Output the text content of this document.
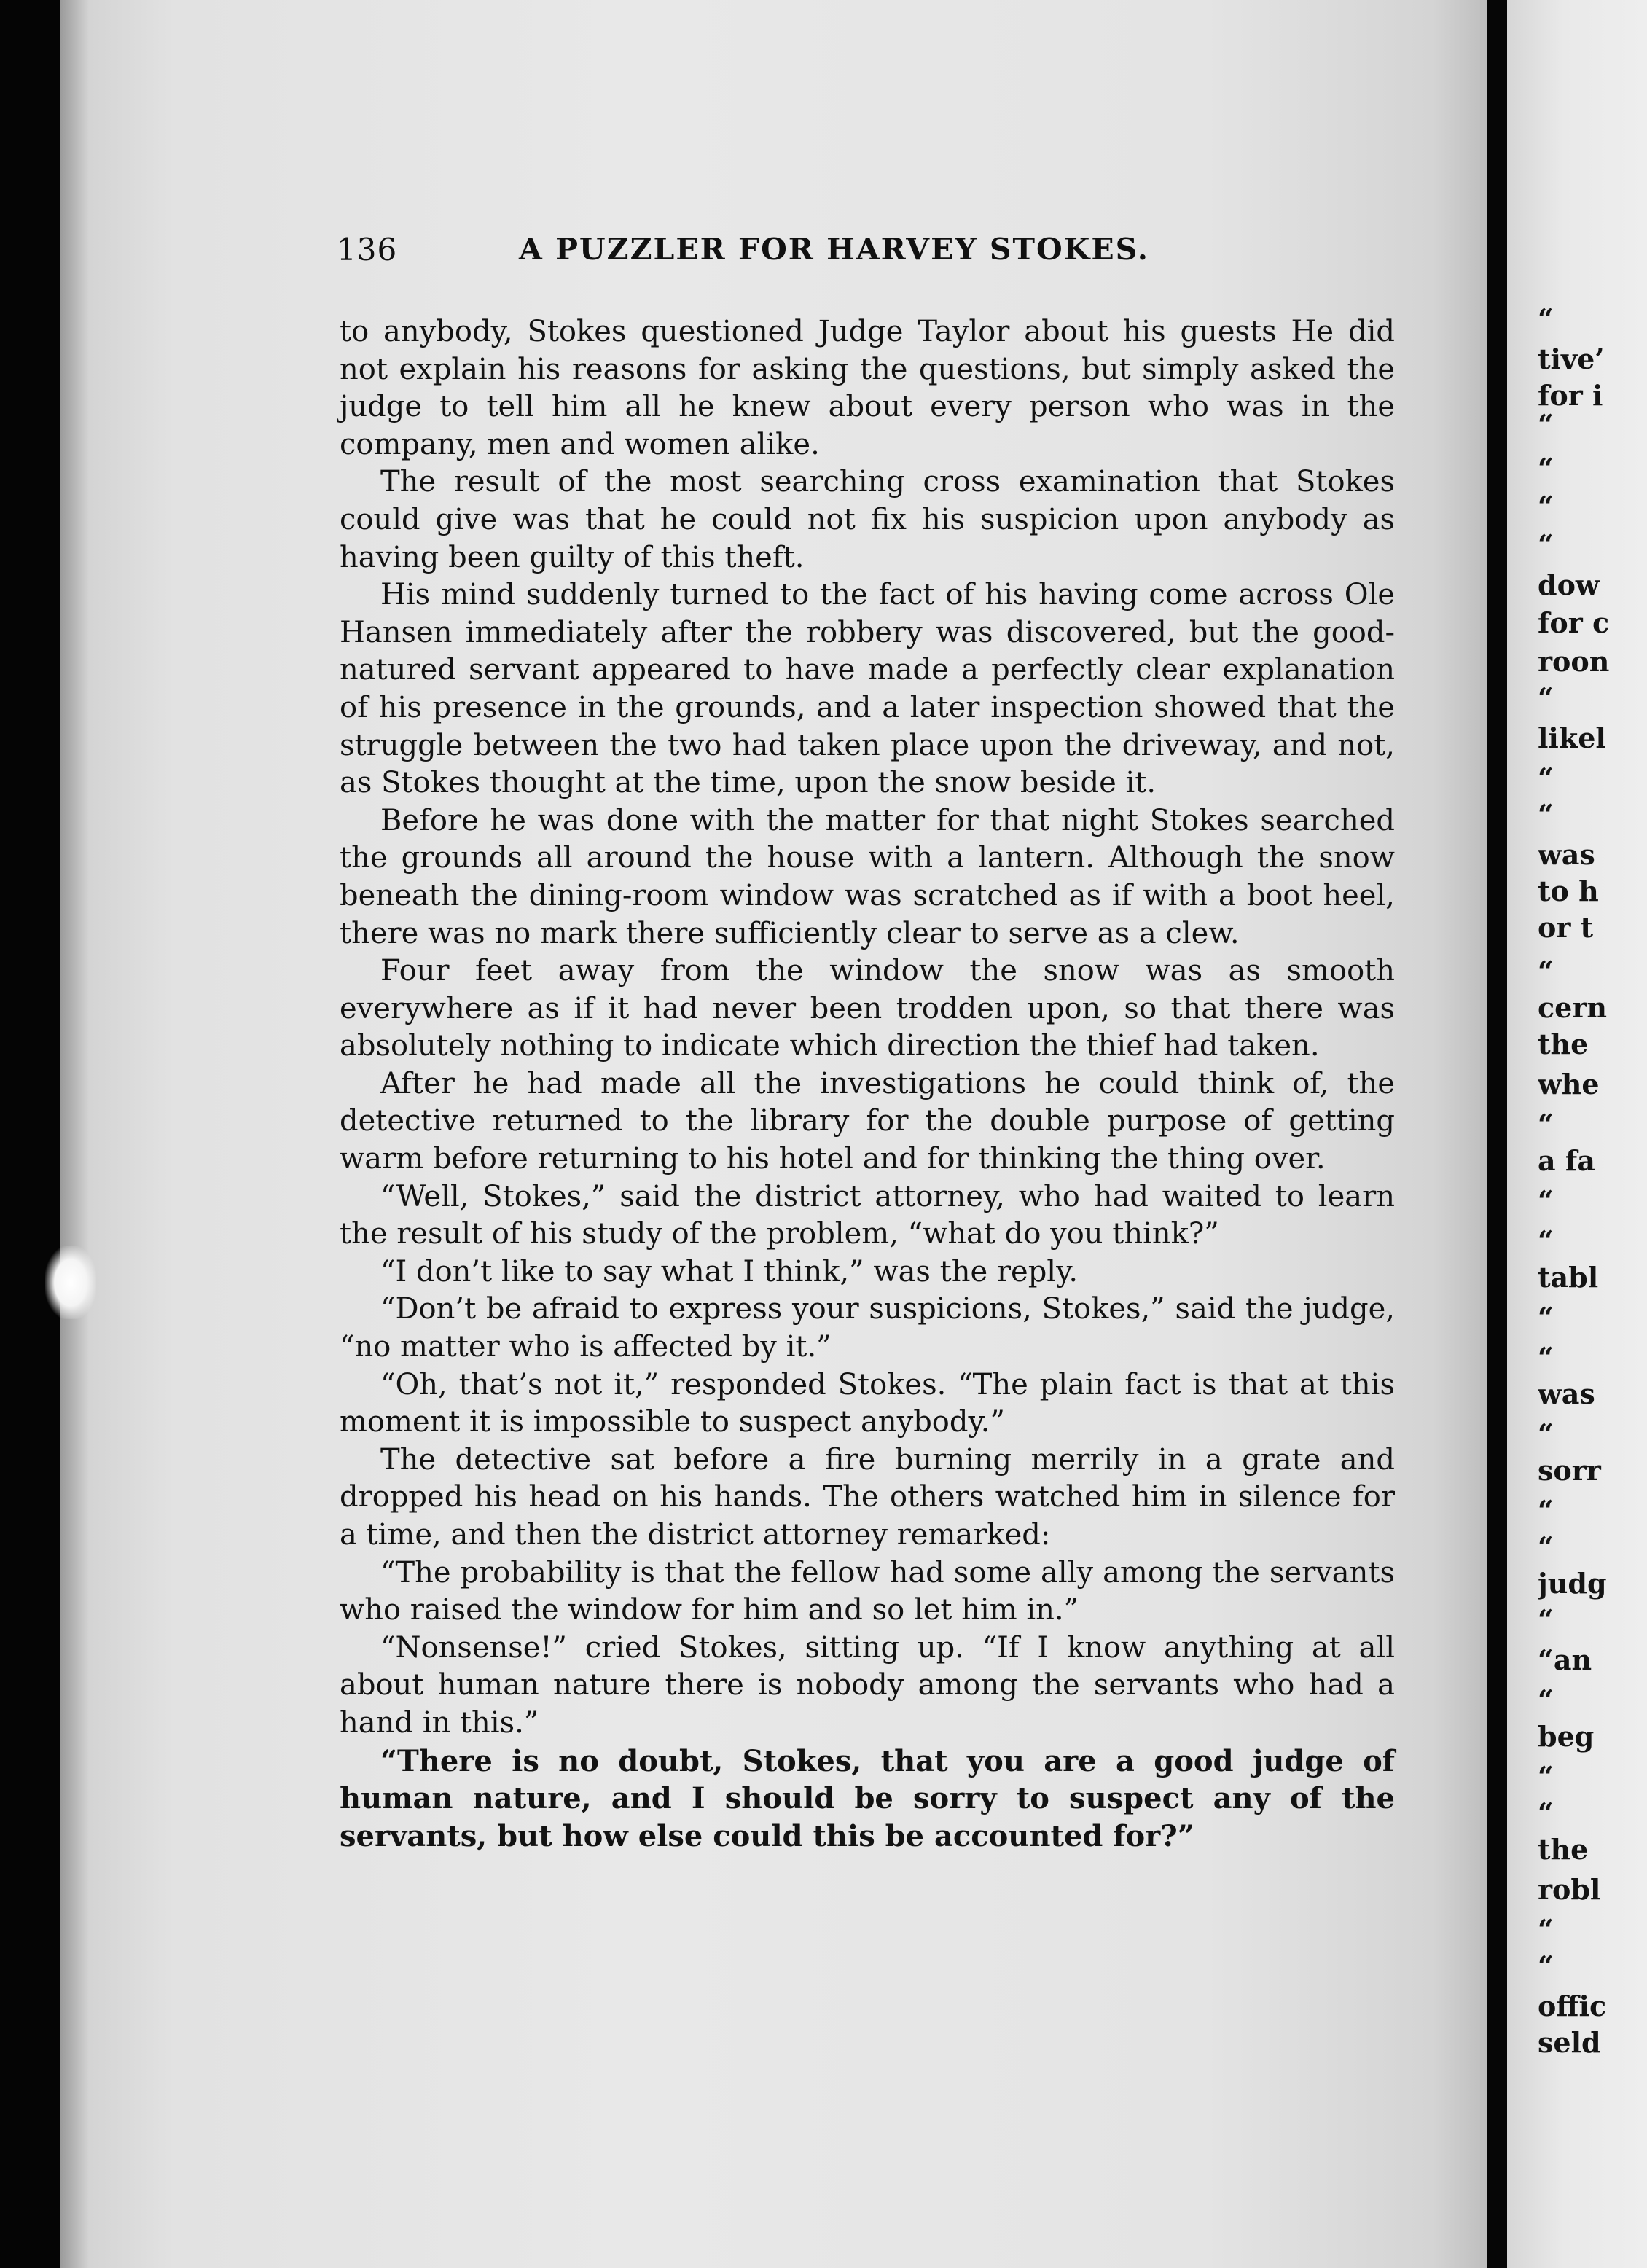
136	A PUZZLER FOR HARVEY STOKES.

to anybody, Stokes questioned Judge Taylor about his guests He did not explain his reasons for asking the questions, but simply asked the judge to tell him all he knew about every person who was in the company, men and women alike.

The result of the most searching cross examination that Stokes could give was that he could not fix his suspicion upon anybody as having been guilty of this theft.

His mind suddenly turned to the fact of his having come across Ole Hansen immediately after the robbery was discovered, but the good-natured servant appeared to have made a perfectly clear explanation of his presence in the grounds, and a later inspection showed that the struggle between the two had taken place upon the driveway, and not, as Stokes thought at the time, upon the snow beside it.

Before he was done with the matter for that night Stokes searched the grounds all around the house with a lantern. Although the snow beneath the dining-room window was scratched as if with a boot heel, there was no mark there sufficiently clear to serve as a clew.

Four feet away from the window the snow was as smooth everywhere as if it had never been trodden upon, so that there was absolutely nothing to indicate which direction the thief had taken.

After he had made all the investigations he could think of, the detective returned to the library for the double purpose of getting warm before returning to his hotel and for thinking the thing over.

“Well, Stokes,” said the district attorney, who had waited to learn the result of his study of the problem, “what do you think?”

“I don’t like to say what I think,” was the reply.

“Don’t be afraid to express your suspicions, Stokes,” said the judge, “no matter who is affected by it.”

“Oh, that’s not it,” responded Stokes. “The plain fact is that at this moment it is impossible to suspect anybody.”

The detective sat before a fire burning merrily in a grate and dropped his head on his hands. The others watched him in silence for a time, and then the district attorney remarked:

“The probability is that the fellow had some ally among the servants who raised the window for him and so let him in.”

“Nonsense!” cried Stokes, sitting up. “If I know anything at all about human nature there is nobody among the servants who had a hand in this.”

“There is no doubt, Stokes, that you are a good judge of human nature, and I should be sorry to suspect any of the servants, but how else could this be accounted for?”

“
tive’
for i
“
“
“
“
dow
for c
roon
“
likel
“
“
was
to h
or t
“
cern
the
whe
“
a fa
“
“
tabl
“
“
was
“
sorr
“
“
judg
“
“an
“
beg
“
“
the
robl
“
“
offic
seld
